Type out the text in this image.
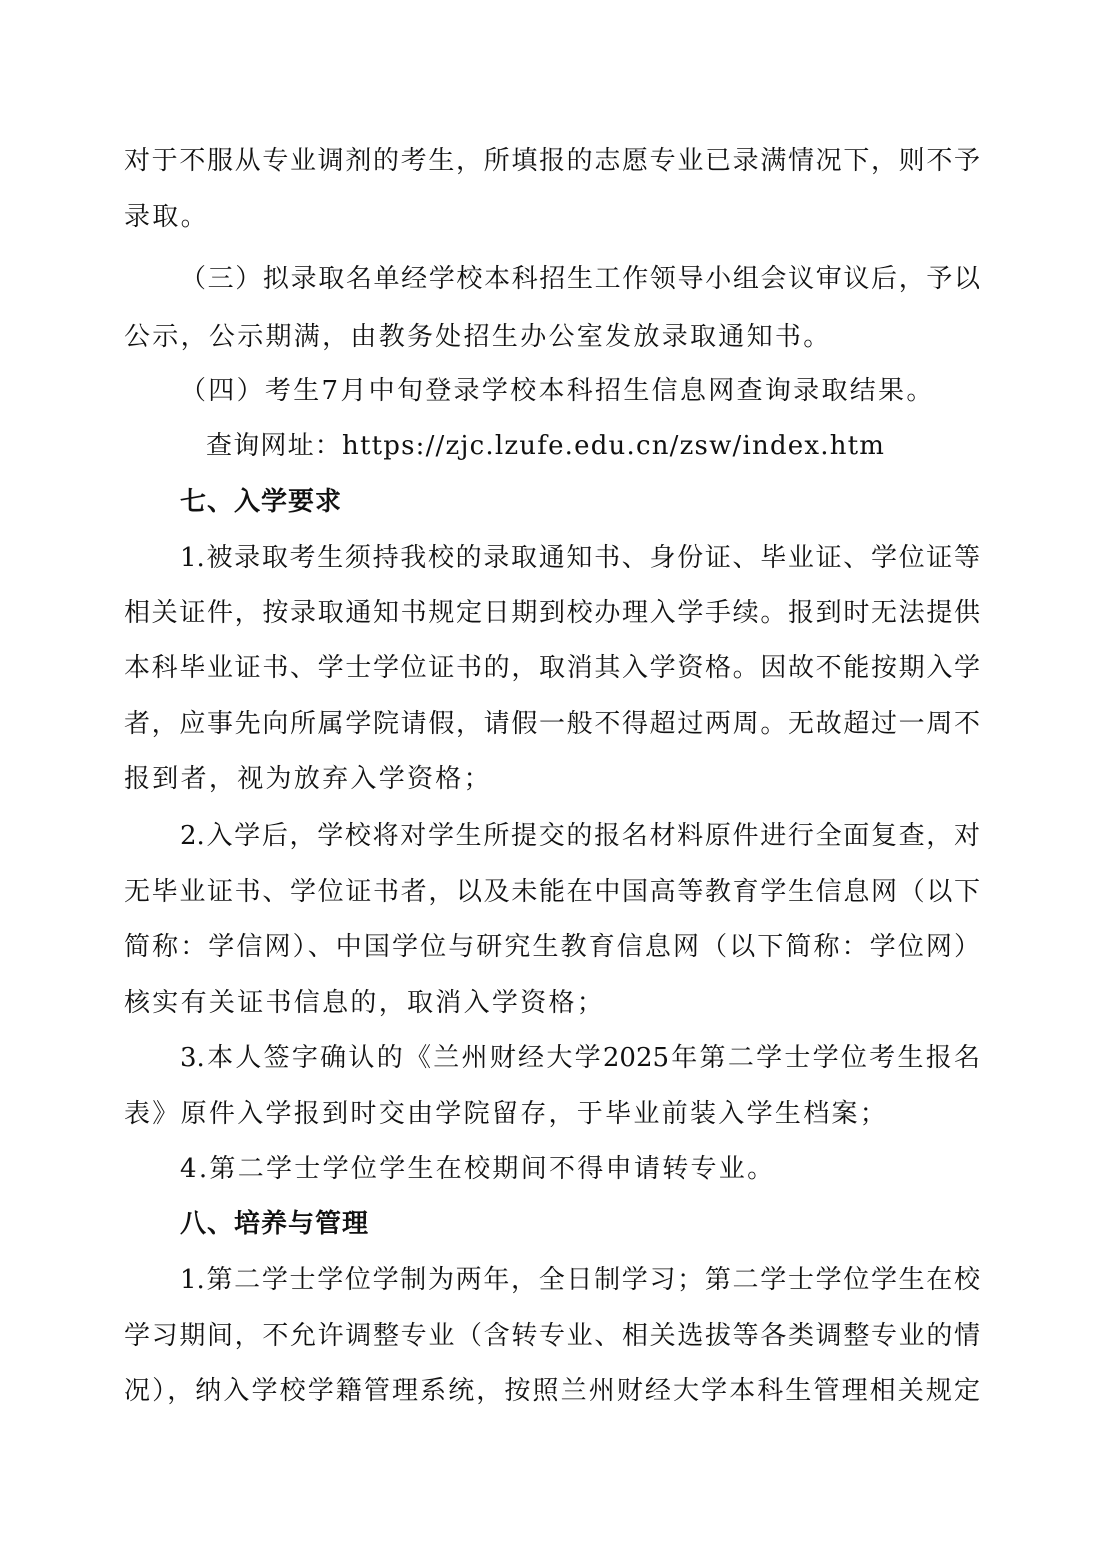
对于不服从专业调剂的考生，所填报的志愿专业已录满情况下，则不予
录取。
（三）拟录取名单经学校本科招生工作领导小组会议审议后，予以
公示，公示期满，由教务处招生办公室发放录取通知书。
（四）考生7月中旬登录学校本科招生信息网查询录取结果。
查询网址：https://zjc.lzufe.edu.cn/zsw/index.htm
七、入学要求
1.被录取考生须持我校的录取通知书、身份证、毕业证、学位证等
相关证件，按录取通知书规定日期到校办理入学手续。报到时无法提供
本科毕业证书、学士学位证书的，取消其入学资格。因故不能按期入学
者，应事先向所属学院请假，请假一般不得超过两周。无故超过一周不
报到者，视为放弃入学资格；
2.入学后，学校将对学生所提交的报名材料原件进行全面复查，对
无毕业证书、学位证书者，以及未能在中国高等教育学生信息网（以下
简称：学信网）、中国学位与研究生教育信息网（以下简称：学位网）
核实有关证书信息的，取消入学资格；
3.本人签字确认的《兰州财经大学2025年第二学士学位考生报名
表》原件入学报到时交由学院留存，于毕业前装入学生档案；
4.第二学士学位学生在校期间不得申请转专业。
八、培养与管理
1.第二学士学位学制为两年，全日制学习；第二学士学位学生在校
学习期间，不允许调整专业（含转专业、相关选拔等各类调整专业的情
况），纳入学校学籍管理系统，按照兰州财经大学本科生管理相关规定
